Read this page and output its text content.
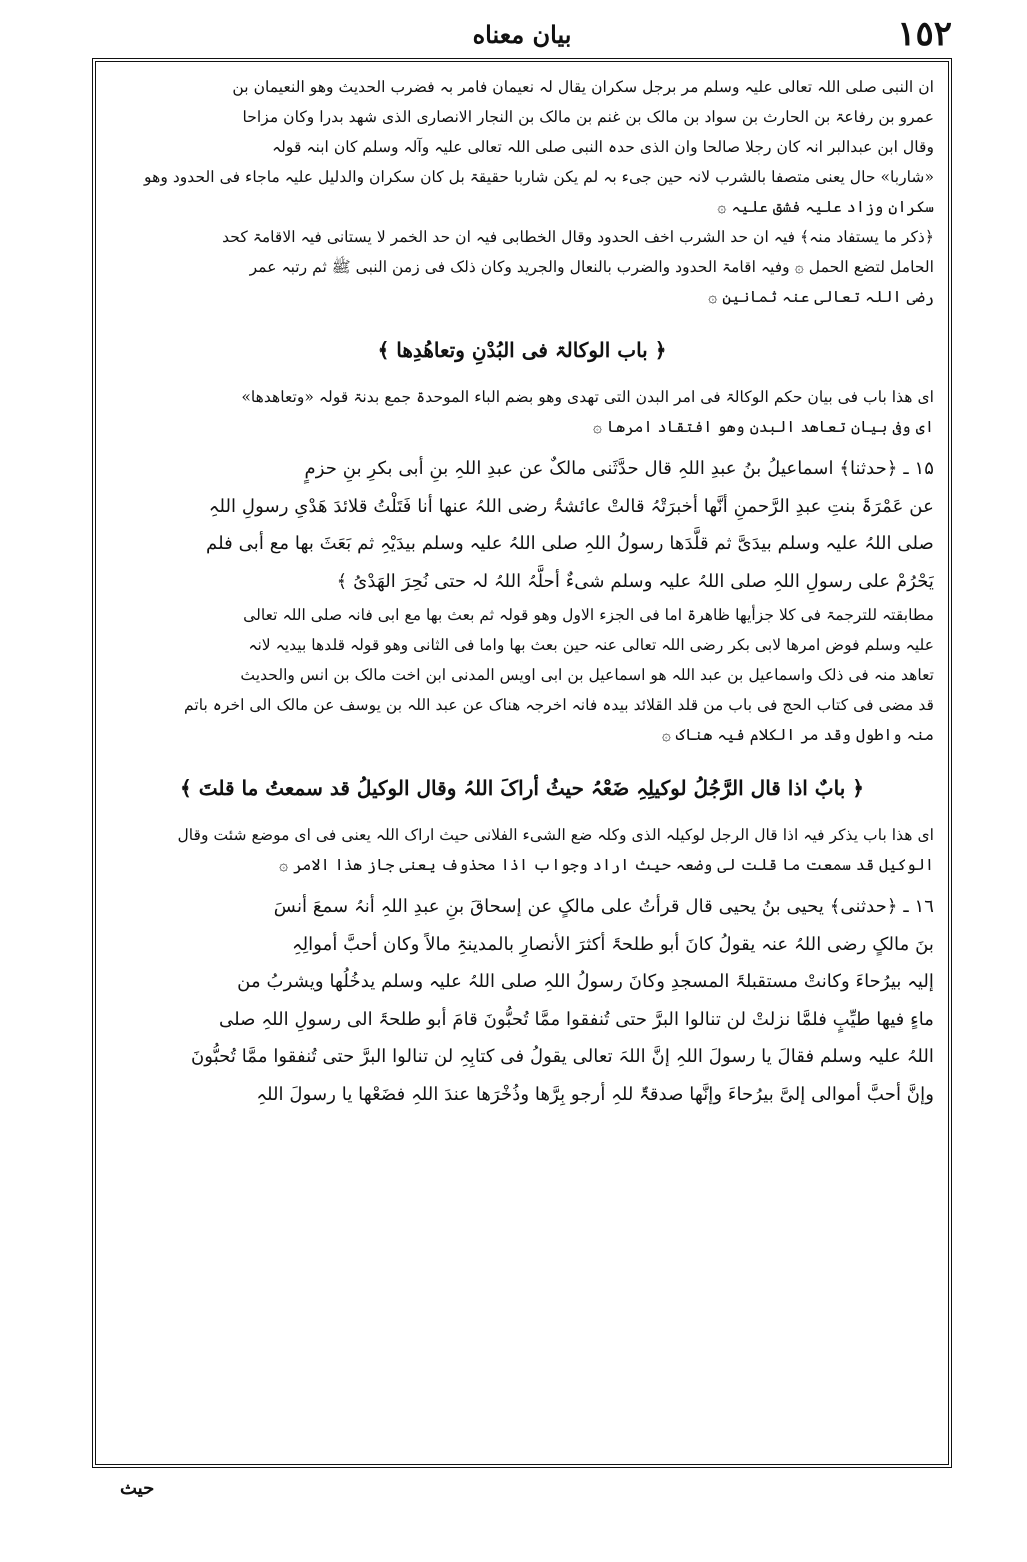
١٥٢
بیان معناه

ان النبی صلی اللہ تعالی علیہ وسلم مر برجل سکران یقال لہ نعیمان فامر بہ فضرب الحدیث وھو النعیمان بن

عمرو بن رفاعۃ بن الحارث بن سواد بن مالک بن غنم بن مالک بن النجار الانصاری الذی شھد بدرا وکان مزاحا

وقال ابن عبدالبر انہ کان رجلا صالحا وان الذی حدہ النبی صلی اللہ تعالی علیہ وآلہ وسلم کان ابنہ قولہ

«شاربا» حال یعنی متصفا بالشرب لانہ حین جیء بہ لم یکن شاربا حقیقۃ بل کان سکران والدلیل علیہ ماجاء فی الحدود وھو

سکران وزاد علیہ فشق علیہ ۞

﴿ذکر ما یستفاد منہ﴾ فیہ ان حد الشرب اخف الحدود وقال الخطابی فیہ ان حد الخمر لا یستانی فیہ الاقامۃ کحد

الحامل لتضع الحمل ۞ وفیہ اقامۃ الحدود والضرب بالنعال والجرید وکان ذلک فی زمن النبی ﷺ ثم رتبہ عمر

رضی اللہ تعالی عنہ ثمانین ۞

﴿ باب الوکالۃ فی البُدْنِ وتعاھُدِھا ﴾

ای ھذا باب فی بیان حکم الوکالۃ فی امر البدن التی تھدی وھو بضم الباء الموحدۃ جمع بدنۃ قولہ «وتعاھدھا»

ای وفی بیان تعاھد البدن وھو افتقاد امرھا ۞

۱۵ ـ ﴿حدثنا﴾ اسماعیلُ بنُ عبدِ اللہِ قال حدَّثَنی مالکٌ عن عبدِ اللہِ بنِ أبی بکرِ بنِ حزمٍ

عن عَمْرَۃَ بنتِ عبدِ الرَّحمنِ أنَّھا أخبرَتْہُ قالتْ عائشۃُ رضی اللہُ عنھا أنا فَتَلْتُ قلائدَ ھَدْیِ رسولِ اللہِ

صلی اللہُ علیہ وسلم بیدَیَّ ثم قلَّدَھا رسولُ اللہِ صلی اللہُ علیہ وسلم بیدَیْہِ ثم بَعَثَ بھا مع أبی فلم

یَحْرُمْ علی رسولِ اللہِ صلی اللہُ علیہ وسلم شیءٌ أحلَّہُ اللہُ لہ حتی نُحِرَ الھَدْیُ ﴾

مطابقتہ للترجمۃ فی کلا جزأیھا ظاھرۃ اما فی الجزء الاول وھو قولہ ثم بعث بھا مع ابی فانہ صلی اللہ تعالی

علیہ وسلم فوض امرھا لابی بکر رضی اللہ تعالی عنہ حین بعث بھا واما فی الثانی وھو قولہ قلدھا بیدیہ لانہ

تعاھد منہ فی ذلک واسماعیل بن عبد اللہ ھو اسماعیل بن ابی اویس المدنی ابن اخت مالک بن انس والحدیث

قد مضی فی کتاب الحج فی باب من قلد القلائد بیدہ فانہ اخرجہ ھناک عن عبد اللہ بن یوسف عن مالک الی اخرہ باتم

منہ واطول وقد مر الکلام فیہ ھناک ۞

﴿ بابٌ اذا قال الرَّجُلُ لوکیلِہِ ضَعْہُ حیثُ أراکَ اللہُ وقال الوکیلُ قد سمعتُ ما قلتَ ﴾

ای ھذا باب یذکر فیہ اذا قال الرجل لوکیلہ الذی وکلہ ضع الشیء الفلانی حیث اراک اللہ یعنی فی ای موضع شئت وقال

الوکیل قد سمعت ما قلت لی وضعہ حیث اراد وجواب اذا محذوف یعنی جاز ھذا الامر ۞

۱٦ ـ ﴿حدثنی﴾ یحیی بنُ یحیی قال قرأتُ علی مالکٍ عن إسحاقَ بنِ عبدِ اللہِ أنہُ سمعَ أنسَ

بنَ مالکٍ رضی اللہُ عنہ یقولُ کانَ أبو طلحۃَ أکثرَ الأنصارِ بالمدینۃِ مالاً وکان أحبَّ أموالِہِ

إلیہ بیرُحاءَ وکانتْ مستقبلۃَ المسجدِ وکانَ رسولُ اللہِ صلی اللہُ علیہ وسلم یدخُلُھا ویشربُ من

ماءٍ فیھا طیِّبٍ فلمَّا نزلتْ لن تنالوا البرَّ حتی تُنفقوا ممَّا تُحبُّونَ قامَ أبو طلحۃَ الی رسولِ اللہِ صلی

اللہُ علیہ وسلم فقالَ یا رسولَ اللہِ إنَّ اللہَ تعالی یقولُ فی کتابِہِ لن تنالوا البرَّ حتی تُنفقوا ممَّا تُحبُّونَ

وإنَّ أحبَّ أموالی إلیَّ بیرُحاءَ وإنَّھا صدقۃٌ للہِ أرجو بِرَّھا وذُخْرَھا عندَ اللہِ فضَعْھا یا رسولَ اللہِ

حیث
